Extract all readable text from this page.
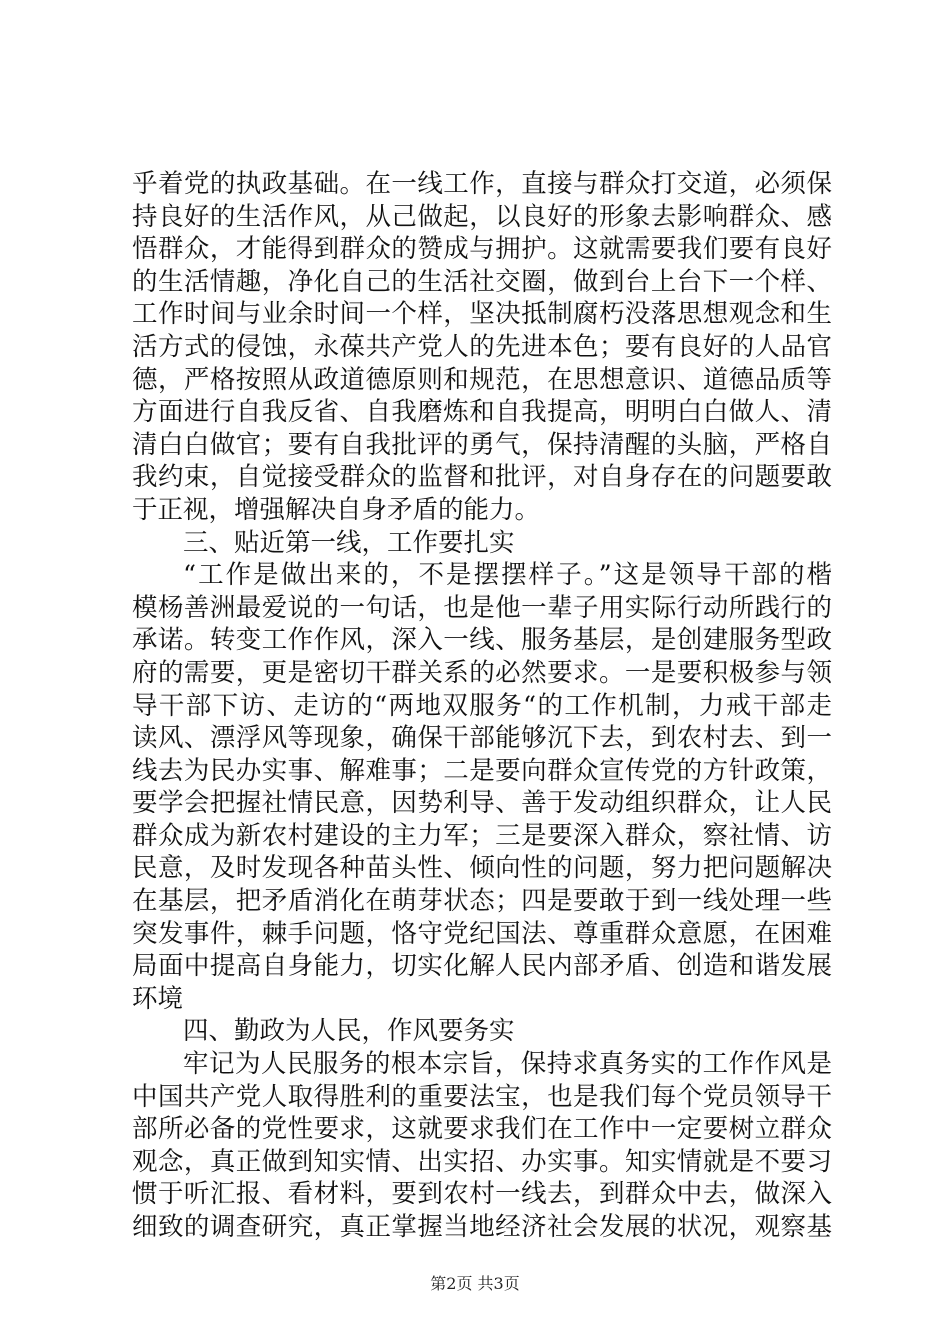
乎着党的执政基础。在一线工作，直接与群众打交道，必须保
持良好的生活作风，从己做起，以良好的形象去影响群众、感
悟群众，才能得到群众的赞成与拥护。这就需要我们要有良好
的生活情趣，净化自己的生活社交圈，做到台上台下一个样、
工作时间与业余时间一个样，坚决抵制腐朽没落思想观念和生
活方式的侵蚀，永葆共产党人的先进本色；要有良好的人品官
德，严格按照从政道德原则和规范，在思想意识、道德品质等
方面进行自我反省、自我磨炼和自我提高，明明白白做人、清
清白白做官；要有自我批评的勇气，保持清醒的头脑，严格自
我约束，自觉接受群众的监督和批评，对自身存在的问题要敢
于正视，增强解决自身矛盾的能力。
三、贴近第一线，工作要扎实
“工作是做出来的，不是摆摆样子。”这是领导干部的楷
模杨善洲最爱说的一句话，也是他一辈子用实际行动所践行的
承诺。转变工作作风，深入一线、服务基层，是创建服务型政
府的需要，更是密切干群关系的必然要求。一是要积极参与领
导干部下访、走访的“两地双服务“的工作机制，力戒干部走
读风、漂浮风等现象，确保干部能够沉下去，到农村去、到一
线去为民办实事、解难事；二是要向群众宣传党的方针政策，
要学会把握社情民意，因势利导、善于发动组织群众，让人民
群众成为新农村建设的主力军；三是要深入群众，察社情、访
民意，及时发现各种苗头性、倾向性的问题，努力把问题解决
在基层，把矛盾消化在萌芽状态；四是要敢于到一线处理一些
突发事件，棘手问题，恪守党纪国法、尊重群众意愿，在困难
局面中提高自身能力，切实化解人民内部矛盾、创造和谐发展
环境
四、勤政为人民，作风要务实
牢记为人民服务的根本宗旨，保持求真务实的工作作风是
中国共产党人取得胜利的重要法宝，也是我们每个党员领导干
部所必备的党性要求，这就要求我们在工作中一定要树立群众
观念，真正做到知实情、出实招、办实事。知实情就是不要习
惯于听汇报、看材料，要到农村一线去，到群众中去，做深入
细致的调查研究，真正掌握当地经济社会发展的状况，观察基
第2页 共3页
